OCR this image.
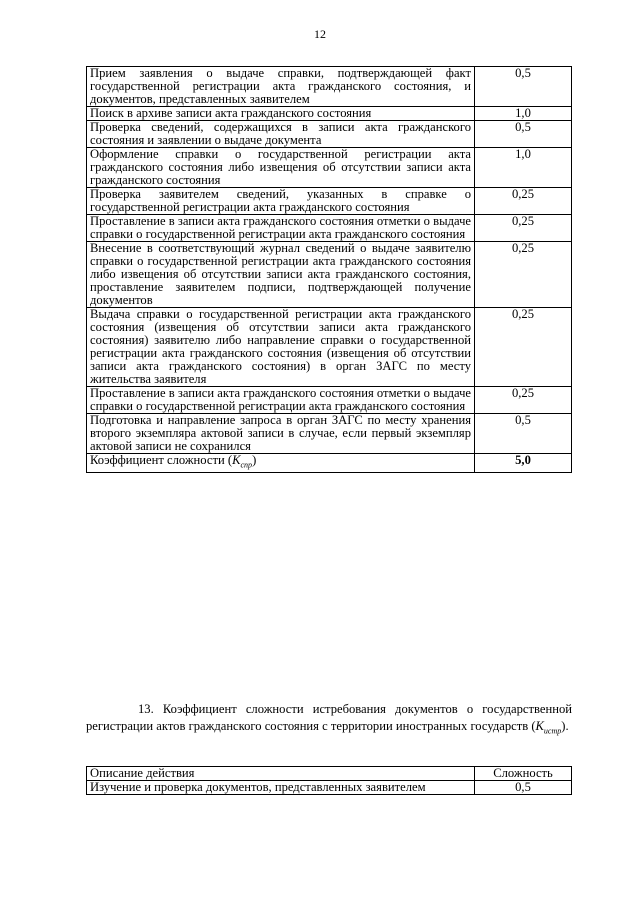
12
Прием заявления о выдаче справки, подтверждающей факт государственной регистрации акта гражданского состояния, и документов, представленных заявителем	0,5
Поиск в архиве записи акта гражданского состояния	1,0
Проверка сведений, содержащихся в записи акта гражданского состояния и заявлении о выдаче документа	0,5
Оформление справки о государственной регистрации акта гражданского состояния либо извещения об отсутствии записи акта гражданского состояния	1,0
Проверка заявителем сведений, указанных в справке о государственной регистрации акта гражданского состояния	0,25
Проставление в записи акта гражданского состояния отметки о выдаче справки о государственной регистрации акта гражданского состояния	0,25
Внесение в соответствующий журнал сведений о выдаче заявителю справки о государственной регистрации акта гражданского состояния либо извещения об отсутствии записи акта гражданского состояния, проставление заявителем подписи, подтверждающей получение документов	0,25
Выдача справки о государственной регистрации акта гражданского состояния (извещения об отсутствии записи акта гражданского состояния) заявителю либо направление справки о государственной регистрации акта гражданского состояния (извещения об отсутствии записи акта гражданского состояния) в орган ЗАГС по месту жительства заявителя	0,25
Проставление в записи акта гражданского состояния отметки о выдаче справки о государственной регистрации акта гражданского состояния	0,25
Подготовка и направление запроса в орган ЗАГС по месту хранения второго экземпляра актовой записи в случае, если первый экземпляр актовой записи не сохранился	0,5
Коэффициент сложности $(K_{спр})$	5,0
13. Коэффициент сложности истребования документов о государственной регистрации актов гражданского состояния с территории иностранных государств $(K_{истр})$.
Описание действия	Сложность
Изучение и проверка документов, представленных заявителем	0,5
